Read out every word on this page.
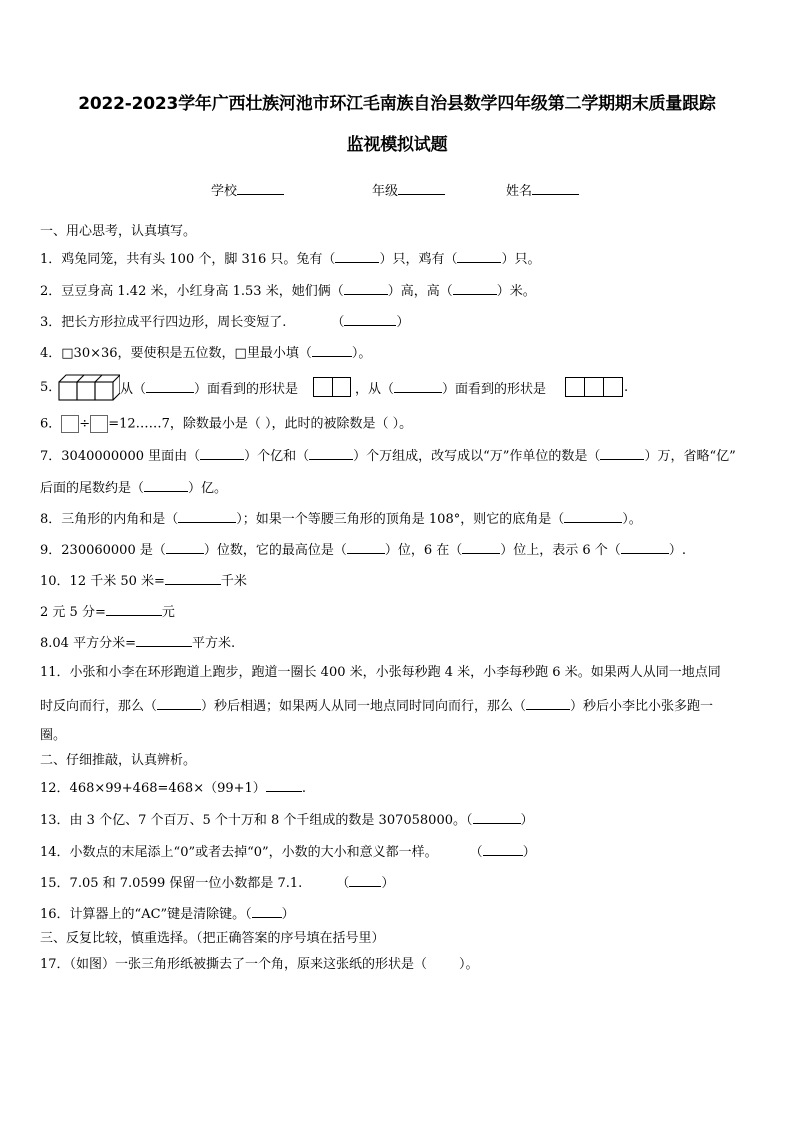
2022-2023学年广西壮族河池市环江毛南族自治县数学四年级第二学期期末质量跟踪
监视模拟试题
学校	年级	姓名
一、用心思考，认真填写。
1．鸡兔同笼，共有头 100 个，脚 316 只。兔有（	）只，鸡有（	）只。
2．豆豆身高 1.42 米，小红身高 1.53 米，她们俩（	）高，高（	）米。
3．把长方形拉成平行四边形，周长变短了.	（	）
4．□30×36，要使积是五位数，□里最小填（	）。
5．	从（	）面看到的形状是	，从（	）面看到的形状是	.
6． ÷ =12……7，除数最小是（ ），此时的被除数是（ ）。
7．3040000000 里面由（	）个亿和（	）个万组成，改写成以“万”作单位的数是（	）万，省略“亿”
后面的尾数约是（	）亿。
8．三角形的内角和是（	）；如果一个等腰三角形的顶角是 108°，则它的底角是（	）。
9．230060000 是（	）位数，它的最高位是（	）位，6 在（	）位上，表示 6 个（	）.
10．12 千米 50 米=	千米
2 元 5 分=	元
8.04 平方分米=	平方米.
11．小张和小李在环形跑道上跑步，跑道一圈长 400 米，小张每秒跑 4 米，小李每秒跑 6 米。如果两人从同一地点同
时反向而行，那么（	）秒后相遇；如果两人从同一地点同时同向而行，那么（	）秒后小李比小张多跑一
圈。
二、仔细推敲，认真辨析。
12．468×99+468=468×（99+1）	.
13．由 3 个亿、7 个百万、5 个十万和 8 个千组成的数是 307058000。（	）
14．小数点的末尾添上“0”或者去掉“0”，小数的大小和意义都一样。 （	）
15．7.05 和 7.0599 保留一位小数都是 7.1.	（ ）
16．计算器上的“AC”键是清除键。（ ）
三、反复比较，慎重选择。（把正确答案的序号填在括号里）
17．（如图）一张三角形纸被撕去了一个角，原来这张纸的形状是（ ）。
